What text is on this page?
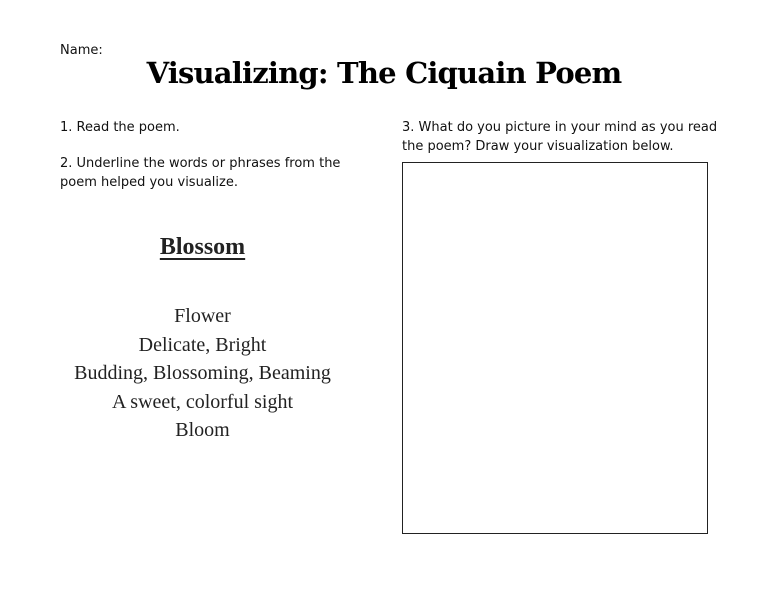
Name:
Visualizing: The Ciquain Poem
1. Read the poem.
2. Underline the words or phrases from the
poem helped you visualize.
3. What do you picture in your mind as you read
the poem? Draw your visualization below.
Blossom
Flower
Delicate, Bright
Budding, Blossoming, Beaming
A sweet, colorful sight
Bloom
